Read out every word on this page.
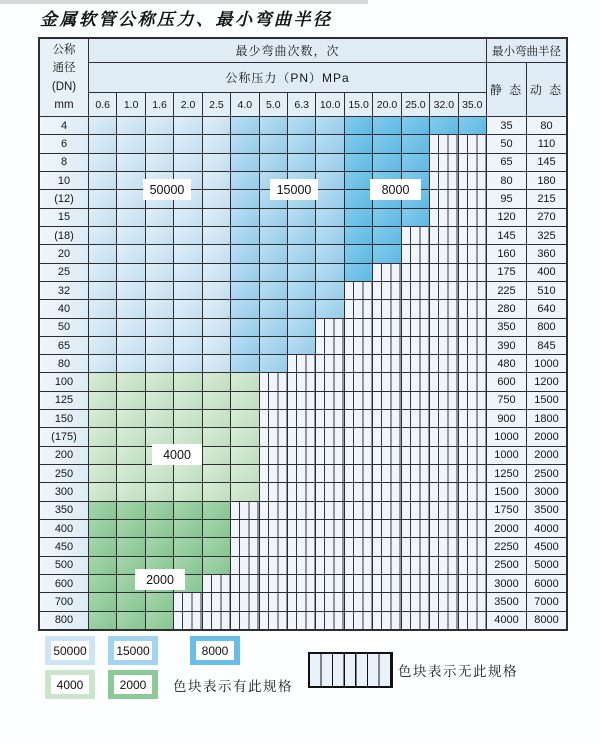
金属软管公称压力、最小弯曲半径
公称
通径
(DN)
mm
最少弯曲次数，次	最小弯曲半径
公称压力（PN）MPa
静 态 动 态
0.6	1.0	1.6	2.0	2.5	4.0	5.0	6.3	10.0 15.0 20.0 25.0 32.0 35.0
4	35	80
6	50	110
8	65	145
10	80	180
(12)	95	215
15	120	270
(18)	145	325
20	160	360
25	175	400
32	225	510
40	280	640
50	350	800
65	390	845
80	480	1000
100	600	1200
125	750	1500
150	900	1800
(175)	1000	2000
200	1000	2000
250	1250	2500
300	1500	3000
350	1750	3500
400	2000	4000
450	2250	4500
500	2500	5000
600	3000	6000
700	3500	7000
800	4000	8000
50000	15000	8000
4000
2000
色块表示有此规格
色块表示无此规格
50000 15000	8000
4000	2000
